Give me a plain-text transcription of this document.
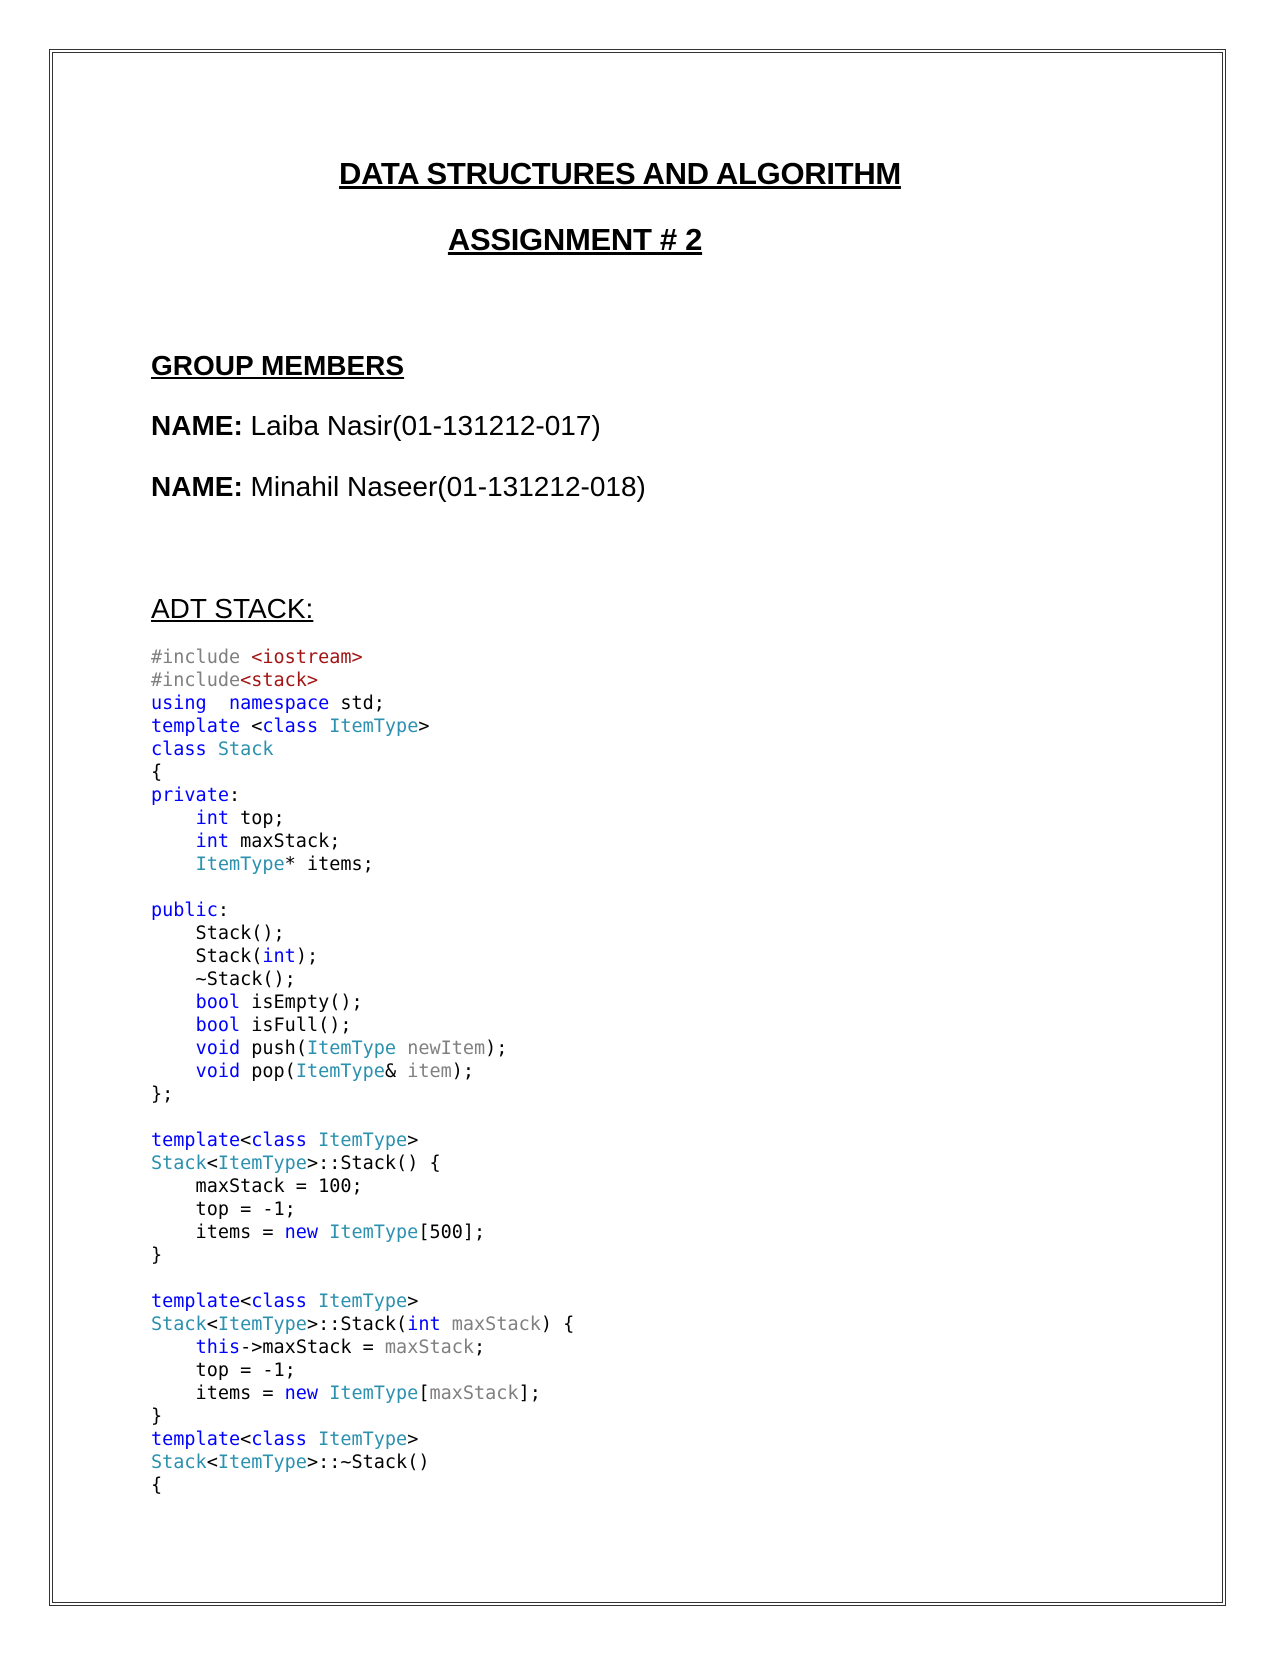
DATA STRUCTURES AND ALGORITHM
ASSIGNMENT # 2

GROUP MEMBERS

NAME: Laiba Nasir(01-131212-017)

NAME: Minahil Naseer(01-131212-018)

ADT STACK:

#include <iostream>
#include<stack>
using namespace std;
template <class ItemType>
class Stack
{
private:
int top;
int maxStack;
ItemType* items;
public:
Stack();
Stack(int);
~Stack();
bool isEmpty();
bool isFull();
void push(ItemType newItem);
void pop(ItemType& item);
};
template<class ItemType>
Stack<ItemType>::Stack() {
maxStack = 100;
top = -1;
items = new ItemType[500];
}
template<class ItemType>
Stack<ItemType>::Stack(int maxStack) {
this->maxStack = maxStack;
top = -1;
items = new ItemType[maxStack];
}
template<class ItemType>
Stack<ItemType>::~Stack()
{
